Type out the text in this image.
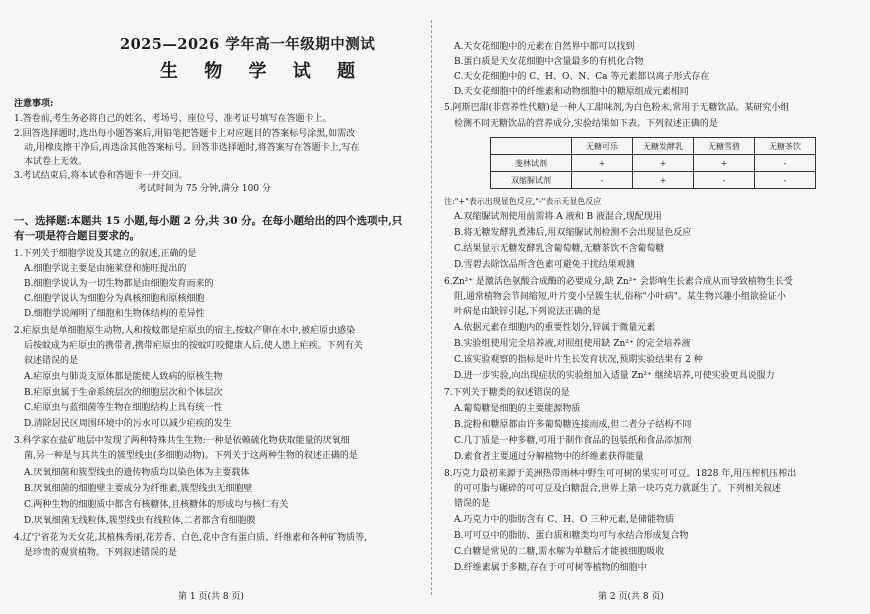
2025—2026 学年高一年级期中测试
生 物 学 试 题
注意事项:
1.答卷前,考生务必将自己的姓名、考场号、座位号、准考证号填写在答题卡上。
2.回答选择题时,选出每小题答案后,用铅笔把答题卡上对应题目的答案标号涂黑,如需改
动,用橡皮擦干净后,再选涂其他答案标号。回答非选择题时,将答案写在答题卡上,写在
本试卷上无效。
3.考试结束后,将本试卷和答题卡一并交回。
考试时间为 75 分钟,满分 100 分
一、选择题:本题共 15 小题,每小题 2 分,共 30 分。在每小题给出的四个选项中,只
有一项是符合题目要求的。
1.下列关于细胞学说及其建立的叙述,正确的是
A.细胞学说主要是由施莱登和施旺提出的
B.细胞学说认为一切生物都是由细胞发育而来的
C.细胞学说认为细胞分为真核细胞和原核细胞
D.细胞学说阐明了细胞和生物体结构的差异性
2.疟原虫是单细胞原生动物,人和按蚊都是疟原虫的宿主,按蚊产卵在水中,被疟原虫感染
后按蚊成为疟原虫的携带者,携带疟原虫的按蚊叮咬健康人后,使人患上疟疾。下列有关
叙述错误的是
A.疟原虫与肺炎支原体都是能使人致病的原核生物
B.疟原虫属于生命系统层次的细胞层次和个体层次
C.疟原虫与蓝细菌等生物在细胞结构上具有统一性
D.清除居民区周围环境中的污水可以减少疟疾的发生
3.科学家在盐矿地层中发现了两种特殊共生生物:一种是依赖硫化物获取能量的厌氧细
菌,另一种是与其共生的簇型线虫(多细胞动物)。下列关于这两种生物的叙述正确的是
A.厌氧细菌和簇型线虫的遗传物质均以染色体为主要载体
B.厌氧细菌的细胞壁主要成分为纤维素,簇型线虫无细胞壁
C.两种生物的细胞质中都含有核糖体,且核糖体的形成均与核仁有关
D.厌氧细菌无线粒体,簇型线虫有线粒体,二者都含有细胞膜
4.辽宁省花为天女花,其植株秀丽,花芳香、白色,花中含有蛋白质、纤维素和各种矿物质等,
是珍贵的观赏植物。下列叙述错误的是
第 1 页(共 8 页)
A.天女花细胞中的元素在自然界中都可以找到
B.蛋白质是天女花细胞中含量最多的有机化合物
C.天女花细胞中的 C、H、O、N、Ca 等元素都以离子形式存在
D.天女花细胞中的纤维素和动物细胞中的糖原组成元素相同
5.阿斯巴甜(非营养性代糖)是一种人工甜味剂,为白色粉末,常用于无糖饮品。某研究小组
检测不同无糖饮品的营养成分,实验结果如下表。下列叙述正确的是
	无糖可乐	无糖发酵乳	无糖雪碧	无糖茶饮
斐林试剂	+	+	+	-
双缩脲试剂	-	+	-	-
注:"+"表示出现显色反应,"-"表示无显色反应
A.双缩脲试剂使用前需将 A 液和 B 液混合,现配现用
B.将无糖发酵乳煮沸后,用双缩脲试剂检测不会出现显色反应
C.结果显示无糖发酵乳含葡萄糖,无糖茶饮不含葡萄糖
D.雪碧去除饮品所含色素可避免干扰结果观测
6.Zn²⁺ 是激活色氨酸合成酶的必要成分,缺 Zn²⁺ 会影响生长素合成从而导致植物生长受
阻,通常植物会节间缩短,叶片变小呈簇生状,俗称"小叶病"。某生物兴趣小组欲验证小
叶病是由缺锌引起,下列说法正确的是
A.依据元素在细胞内的重要性划分,锌属于微量元素
B.实验组使用完全培养液,对照组使用缺 Zn²⁺ 的完全培养液
C.该实验观察的指标是叶片生长发育状况,预期实验结果有 2 种
D.进一步实验,向出现症状的实验组加入适量 Zn²⁺ 继续培养,可使实验更具说服力
7.下列关于糖类的叙述错误的是
A.葡萄糖是细胞的主要能源物质
B.淀粉和糖原都由许多葡萄糖连接而成,但二者分子结构不同
C.几丁质是一种多糖,可用于制作食品的包装纸和食品添加剂
D.素食者主要通过分解植物中的纤维素获得能量
8.巧克力最初来源于美洲热带雨林中野生可可树的果实可可豆。1828 年,用压榨机压榨出
的可可脂与碾碎的可可豆及白糖混合,世界上第一块巧克力就诞生了。下列相关叙述
错误的是
A.巧克力中的脂肪含有 C、H、O 三种元素,是储能物质
B.可可豆中的脂肪、蛋白质和糖类均可与水结合形成复合物
C.白糖是常见的二糖,需水解为单糖后才能被细胞吸收
D.纤维素属于多糖,存在于可可树等植物的细胞中
第 2 页(共 8 页)
